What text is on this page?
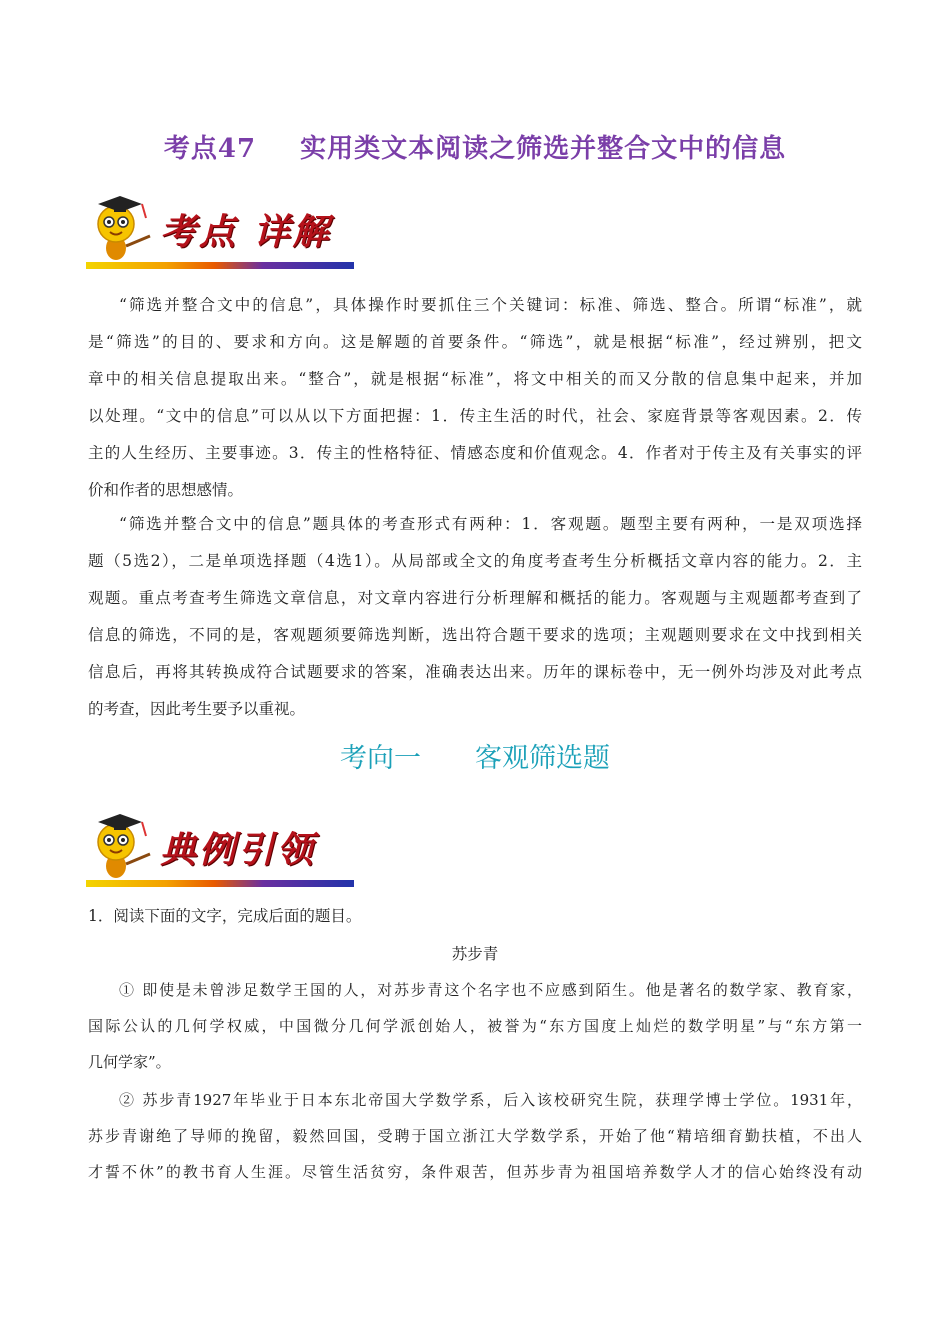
考点47 实用类文本阅读之筛选并整合文中的信息
考点 详解
“筛选并整合文中的信息”，具体操作时要抓住三个关键词：标准、筛选、整合。所谓“标准”，就
是“筛选”的目的、要求和方向。这是解题的首要条件。“筛选”，就是根据“标准”，经过辨别，把文
章中的相关信息提取出来。“整合”，就是根据“标准”，将文中相关的而又分散的信息集中起来，并加
以处理。“文中的信息”可以从以下方面把握：1．传主生活的时代，社会、家庭背景等客观因素。2．传
主的人生经历、主要事迹。3．传主的性格特征、情感态度和价值观念。4．作者对于传主及有关事实的评
价和作者的思想感情。
“筛选并整合文中的信息”题具体的考查形式有两种：1．客观题。题型主要有两种，一是双项选择
题（5选2），二是单项选择题（4选1）。从局部或全文的角度考查考生分析概括文章内容的能力。2．主
观题。重点考查考生筛选文章信息，对文章内容进行分析理解和概括的能力。客观题与主观题都考查到了
信息的筛选，不同的是，客观题须要筛选判断，选出符合题干要求的选项；主观题则要求在文中找到相关
信息后，再将其转换成符合试题要求的答案，准确表达出来。历年的课标卷中，无一例外均涉及对此考点
的考查，因此考生要予以重视。
考向一 客观筛选题
典例引领
1．阅读下面的文字，完成后面的题目。
苏步青
① 即使是未曾涉足数学王国的人，对苏步青这个名字也不应感到陌生。他是著名的数学家、教育家，
国际公认的几何学权威，中国微分几何学派创始人，被誉为“东方国度上灿烂的数学明星”与“东方第一
几何学家”。
② 苏步青1927年毕业于日本东北帝国大学数学系，后入该校研究生院，获理学博士学位。1931年，
苏步青谢绝了导师的挽留，毅然回国，受聘于国立浙江大学数学系，开始了他“精培细育勤扶植，不出人
才誓不休”的教书育人生涯。尽管生活贫穷，条件艰苦，但苏步青为祖国培养数学人才的信心始终没有动
